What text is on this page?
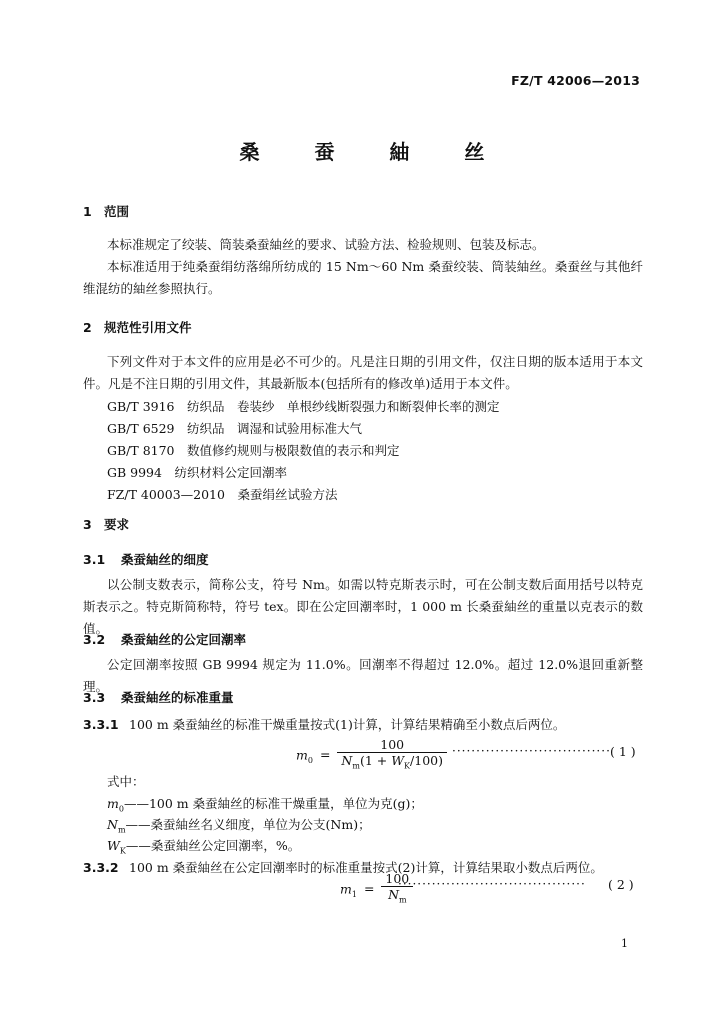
FZ/T 42006—2013
桑 蚕 紬 丝
1 范围
本标准规定了绞装、筒装桑蚕紬丝的要求、试验方法、检验规则、包装及标志。
本标准适用于纯桑蚕绢纺落绵所纺成的 15 Nm～60 Nm 桑蚕绞装、筒装紬丝。桑蚕丝与其他纤维混纺的紬丝参照执行。
2 规范性引用文件
下列文件对于本文件的应用是必不可少的。凡是注日期的引用文件，仅注日期的版本适用于本文件。凡是不注日期的引用文件，其最新版本(包括所有的修改单)适用于本文件。
GB/T 3916　 纺织品　卷装纱　单根纱线断裂强力和断裂伸长率的测定
GB/T 6529　 纺织品　调湿和试验用标准大气
GB/T 8170　 数值修约规则与极限数值的表示和判定
GB 9994　 纺织材料公定回潮率
FZ/T 40003—2010　 桑蚕绢丝试验方法
3 要求
3.1 桑蚕紬丝的细度
以公制支数表示，简称公支，符号 Nm。如需以特克斯表示时，可在公制支数后面用括号以特克斯表示之。特克斯简称特，符号 tex。即在公定回潮率时，1 000 m 长桑蚕紬丝的重量以克表示的数值。
3.2 桑蚕紬丝的公定回潮率
公定回潮率按照 GB 9994 规定为 11.0%。回潮率不得超过 12.0%。超过 12.0%退回重新整理。
3.3 桑蚕紬丝的标准重量
3.3.1 100 m 桑蚕紬丝的标准干燥重量按式(1)计算，计算结果精确至小数点后两位。
$m_0 = \frac{100}{N_m(1 + W_K/100)}$ ································· ( 1 )
式中：
$m_0——100$ m 桑蚕紬丝的标准干燥重量，单位为克(g)；
$N_m——$桑蚕紬丝名义细度，单位为公支(Nm)；
$W_K——$桑蚕紬丝公定回潮率，%。
3.3.2 100 m 桑蚕紬丝在公定回潮率时的标准重量按式(2)计算，计算结果取小数点后两位。
$m_1 = \frac{100}{N_m}$
······································· ( 2 )
1
